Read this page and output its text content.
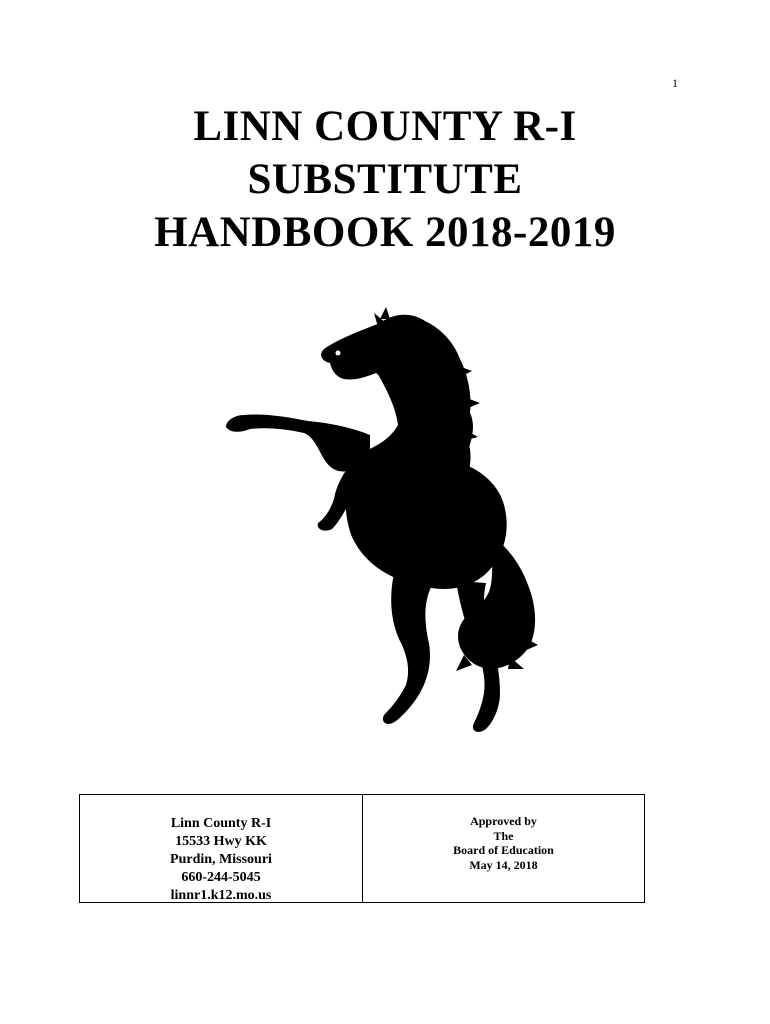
1
LINN COUNTY R-I
SUBSTITUTE
HANDBOOK 2018-2019
Linn County R-I
15533 Hwy KK
Purdin, Missouri
660-244-5045
linnr1.k12.mo.us
Approved by
The
Board of Education
May 14, 2018
